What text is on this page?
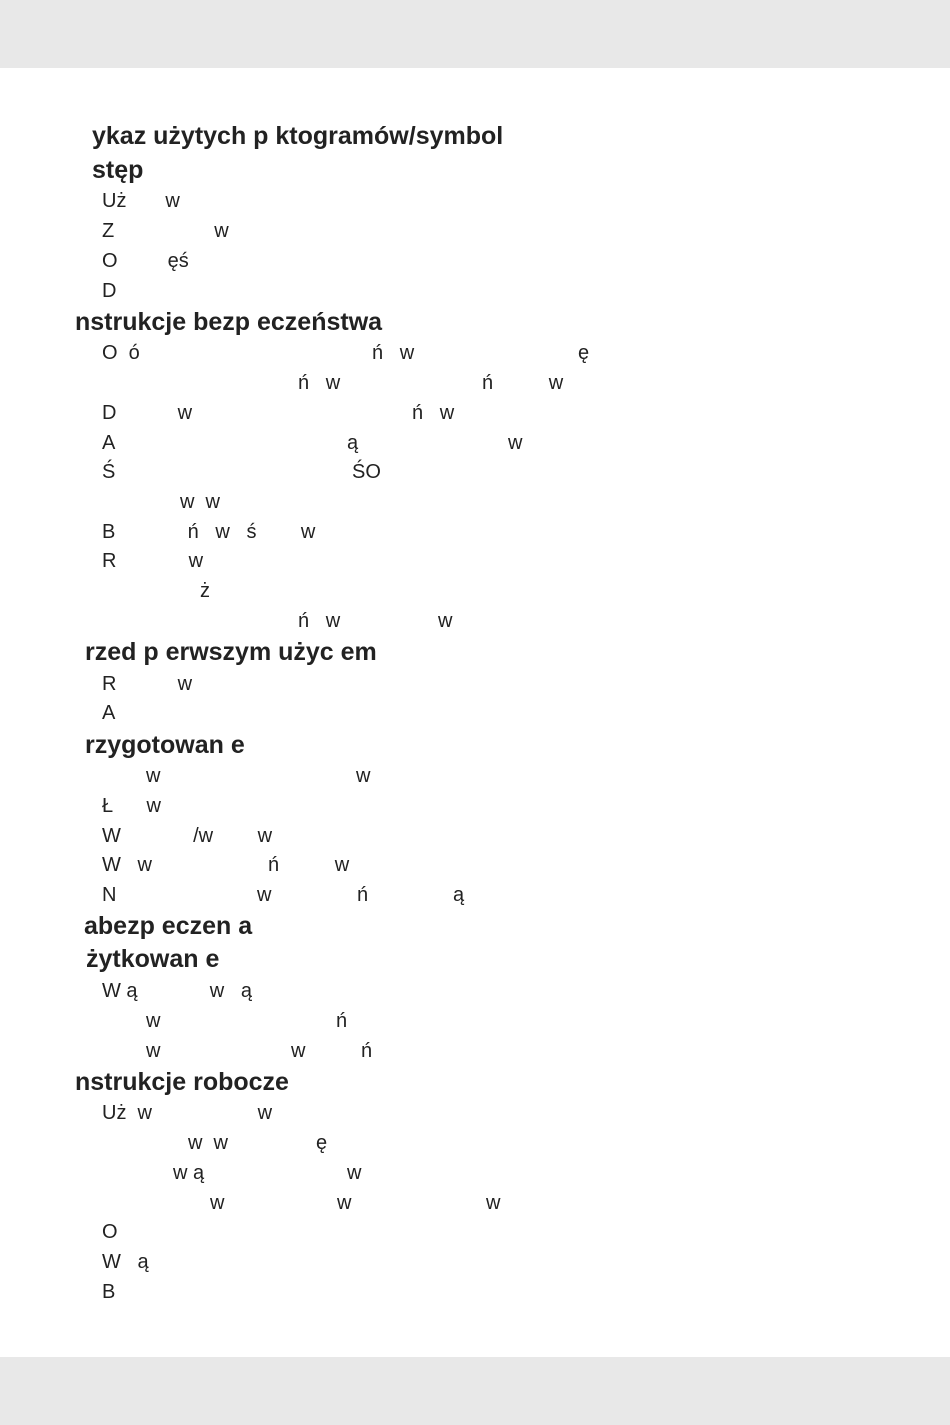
ykaz użytych p ktogramów/symbol
stęp
Uż       w
Z                  w
O         ęś
D
nstrukcje bezp eczeństwa
O  ó	ń   w	ę
ń   w	ń          w
D           w	ń   w
A	ą	w
Ś	ŚO
w  w
B             ń   w   ś        w
R             w
ż
ń   w	w
rzed p erwszym użyc em
R           w
A
rzygotowan e
w	w
Ł      w
W             /w        w
W   w	ń          w
N	w	ń	ą
abezp eczen a
żytkowan e
W ą             w   ą
w	ń
w	w          ń
nstrukcje robocze
Uż  w                   w
w  w	ę
w ą	w
w	w	w
O
W   ą
B
